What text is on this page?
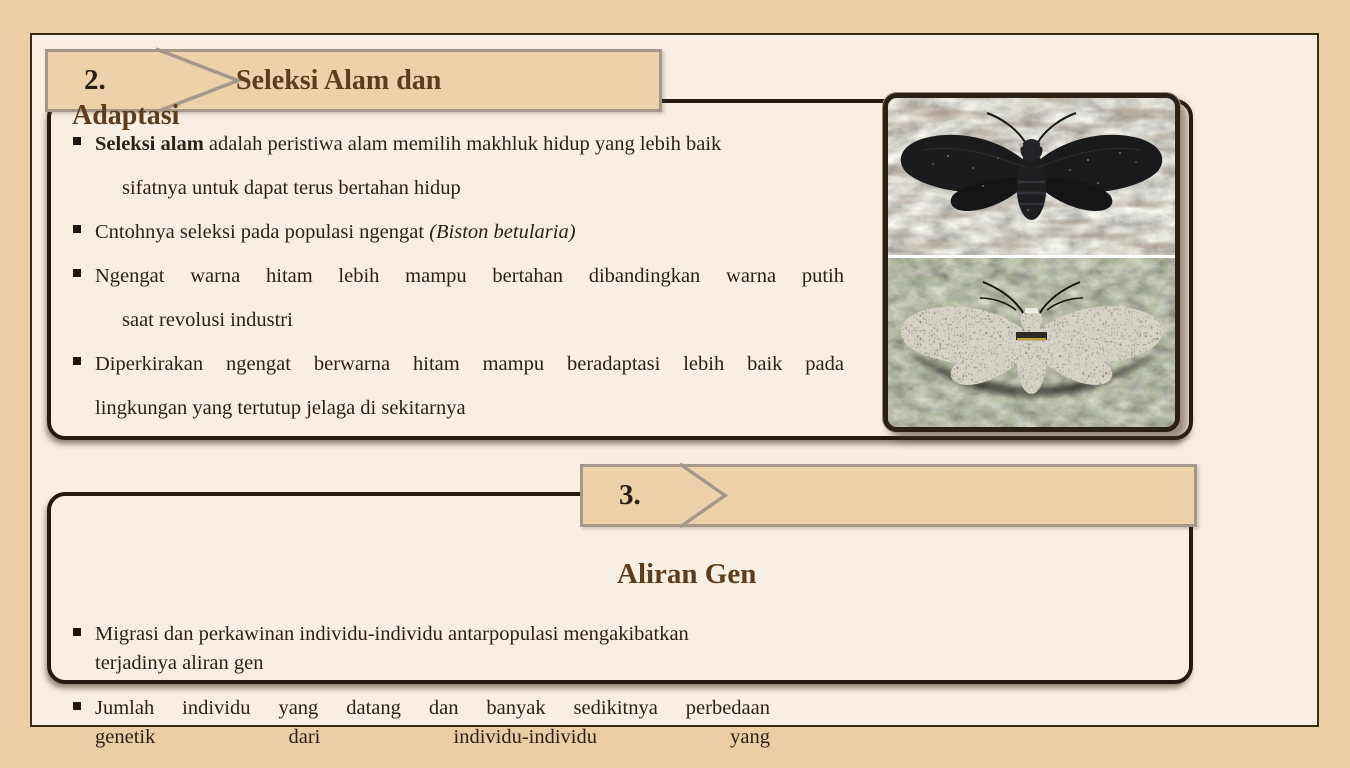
2.	Seleksi Alam dan
Adaptasi
Seleksi alam adalah peristiwa alam memilih makhluk hidup yang lebih baik
sifatnya untuk dapat terus bertahan hidup
Cntohnya seleksi pada populasi ngengat (Biston betularia)
Ngengat warna hitam lebih mampu bertahan dibandingkan warna putih
saat revolusi industri
Diperkirakan ngengat berwarna hitam mampu beradaptasi lebih baik pada
lingkungan yang tertutup jelaga di sekitarnya
3.
Aliran Gen
Migrasi dan perkawinan individu-individu antarpopulasi mengakibatkan
terjadinya aliran gen
Jumlah individu yang datang dan banyak sedikitnya perbedaan
genetik dari individu-individu yang
